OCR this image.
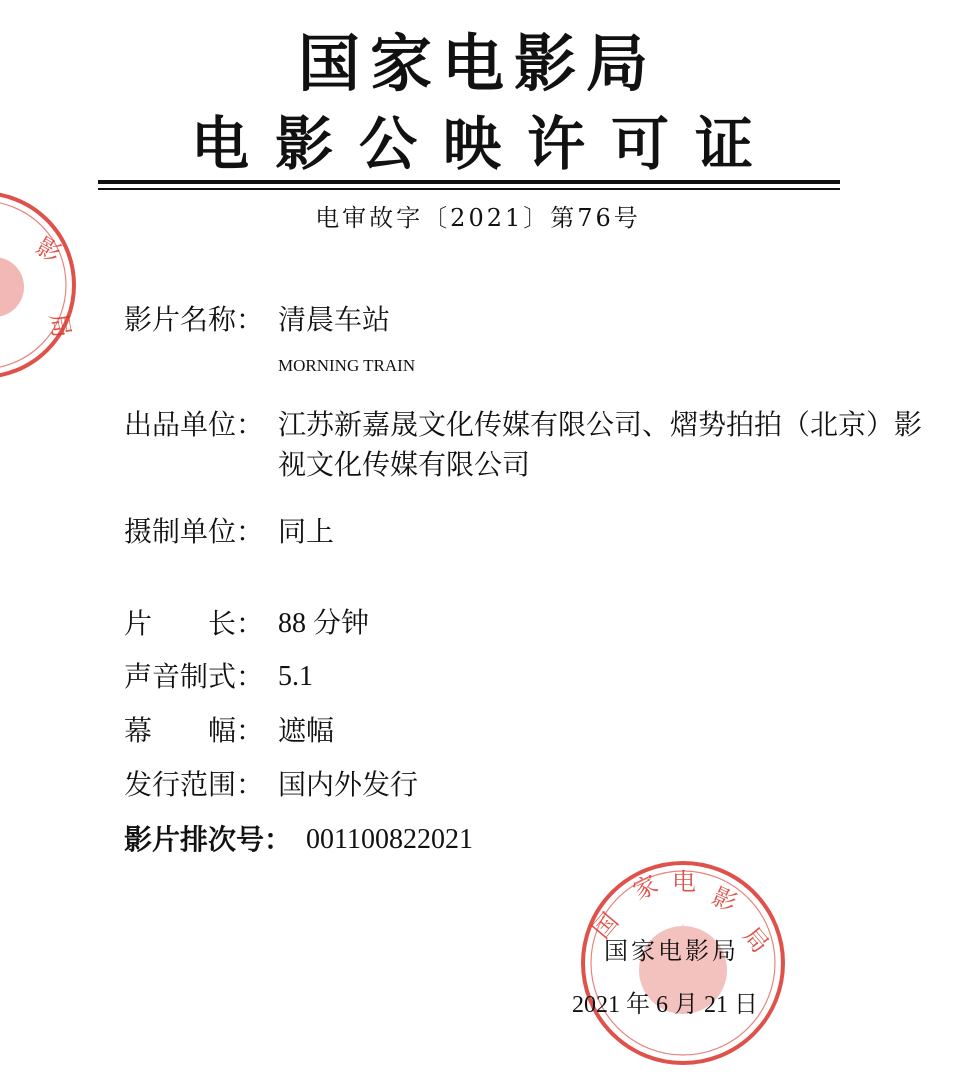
影
局
国
家 电
影
局
国家电影局
电影公映许可证
电审故字〔2021〕第76号
影片名称： 清晨车站
MORNING TRAIN
出品单位： 江苏新嘉晟文化传媒有限公司、熠势拍拍（北京）影视文化传媒有限公司
摄制单位： 同上
片长： 88 分钟
声音制式： 5.1
幕幅： 遮幅
发行范围： 国内外发行
影片排次号： 001100822021
国家电影局
2021 年 6 月 21 日
